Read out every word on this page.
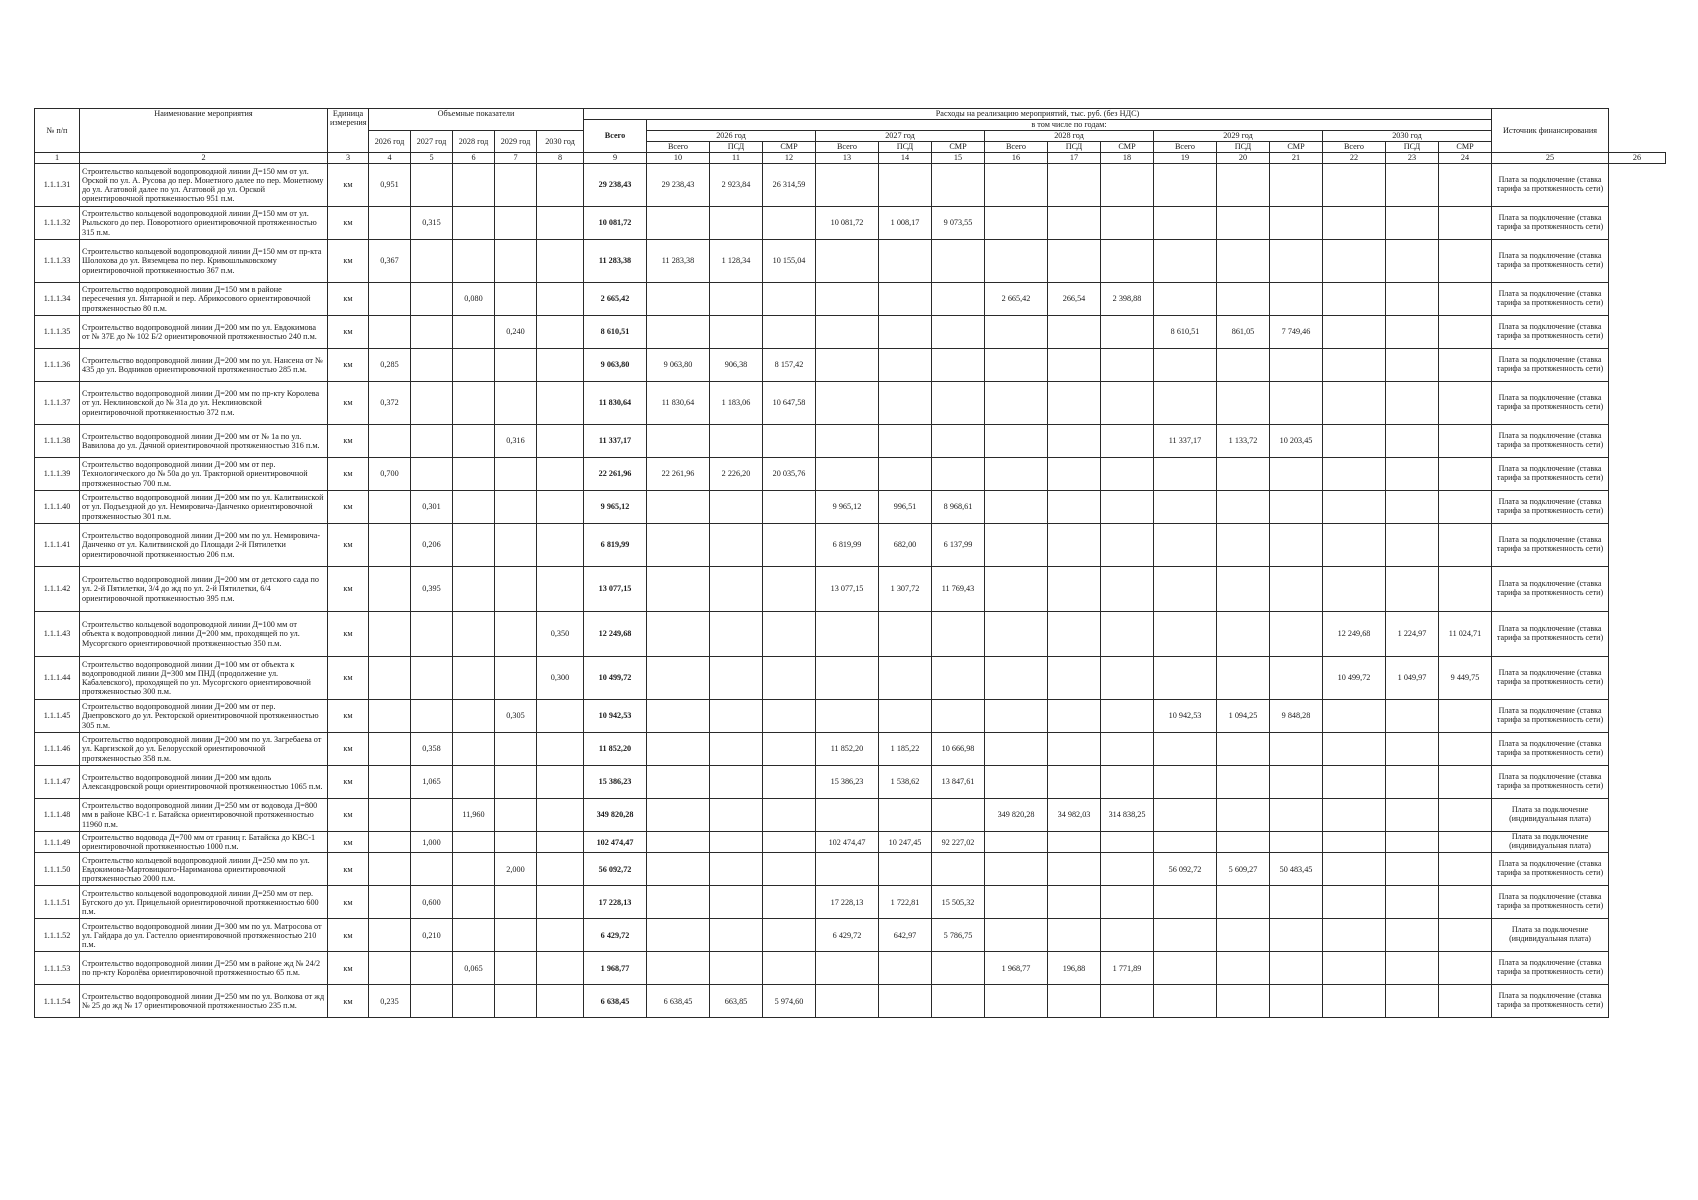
№ п/п	Наименование мероприятия	Единица измерения	Объемные показатели					Расходы на реализацию мероприятий, тыс. руб. (без НДС)																Источник финансирования	
								Всего	в том числе по годам:																
			2026 год	2027 год	2028 год	2029 год	2030 год		2026 год			2027 год			2028 год			2029 год			2030 год				
									Всего	ПСД	СМР	Всего	ПСД	СМР	Всего	ПСД	СМР	Всего	ПСД	СМР	Всего	ПСД	СМР		
1	2	3	4	5	6	7	8	9	10	11	12	13	14	15	16	17	18	19	20	21	22	23	24	25	26
1.1.1.31	Строительство кольцевой водопроводной линии Д=150 мм от ул. Орской по ул. А. Русова до пер. Монетного далее по пер. Монетному до ул. Агатовой далее по ул. Агатовой до ул. Орской ориентировочной протяженностью 951 п.м.	км	0,951					29 238,43	29 238,43	2 923,84	26 314,59													Плата за подключение (ставка тарифа за протяженность сети)	
1.1.1.32	Строительство кольцевой водопроводной линии Д=150 мм от ул. Рыльского до пер. Поворотного ориентировочной протяженностью 315 п.м.	км		0,315				10 081,72				10 081,72	1 008,17	9 073,55										Плата за подключение (ставка тарифа за протяженность сети)	
1.1.1.33	Строительство кольцевой водопроводной линии Д=150 мм от пр-кта Шолохова до ул. Вяземцева по пер. Кривошлыковскому ориентировочной протяженностью 367 п.м.	км	0,367					11 283,38	11 283,38	1 128,34	10 155,04													Плата за подключение (ставка тарифа за протяженность сети)	
1.1.1.34	Строительство водопроводной линии Д=150 мм в районе пересечения ул. Янтарной и пер. Абрикосового ориентировочной протяженностью 80 п.м.	км			0,080			2 665,42							2 665,42	266,54	2 398,88							Плата за подключение (ставка тарифа за протяженность сети)	
1.1.1.35	Строительство водопроводной линии Д=200 мм по ул. Евдокимова от № 37Е до № 102 Б/2 ориентировочной протяженностью 240 п.м.	км				0,240		8 610,51										8 610,51	861,05	7 749,46				Плата за подключение (ставка тарифа за протяженность сети)	
1.1.1.36	Строительство водопроводной линии Д=200 мм по ул. Нансена от № 435 до ул. Водников ориентировочной протяженностью 285 п.м.	км	0,285					9 063,80	9 063,80	906,38	8 157,42													Плата за подключение (ставка тарифа за протяженность сети)	
1.1.1.37	Строительство водопроводной линии Д=200 мм по пр-кту Королева от ул. Неклиновской до № 31а до ул. Неклиновской ориентировочной протяженностью 372 п.м.	км	0,372					11 830,64	11 830,64	1 183,06	10 647,58													Плата за подключение (ставка тарифа за протяженность сети)	
1.1.1.38	Строительство водопроводной линии Д=200 мм от № 1а по ул. Вавилова до ул. Дачной ориентировочной протяженностью 316 п.м.	км				0,316		11 337,17										11 337,17	1 133,72	10 203,45				Плата за подключение (ставка тарифа за протяженность сети)	
1.1.1.39	Строительство водопроводной линии Д=200 мм от пер. Технологического до № 50а до ул. Тракторной ориентировочной протяженностью 700 п.м.	км	0,700					22 261,96	22 261,96	2 226,20	20 035,76													Плата за подключение (ставка тарифа за протяженность сети)	
1.1.1.40	Строительство водопроводной линии Д=200 мм по ул. Калитвинской от ул. Подъездной до ул. Немировича-Данченко ориентировочной протяженностью 301 п.м.	км		0,301				9 965,12				9 965,12	996,51	8 968,61										Плата за подключение (ставка тарифа за протяженность сети)	
1.1.1.41	Строительство водопроводной линии Д=200 мм по ул. Немировича-Данченко от ул. Калитвинской до Площади 2-й Пятилетки ориентировочной протяженностью 206 п.м.	км		0,206				6 819,99				6 819,99	682,00	6 137,99										Плата за подключение (ставка тарифа за протяженность сети)	
1.1.1.42	Строительство водопроводной линии Д=200 мм от детского сада по ул. 2-й Пятилетки, 3/4 до жд по ул. 2-й Пятилетки, 6/4 ориентировочной протяженностью 395 п.м.	км		0,395				13 077,15				13 077,15	1 307,72	11 769,43										Плата за подключение (ставка тарифа за протяженность сети)	
1.1.1.43	Строительство кольцевой водопроводной линии Д=100 мм от объекта к водопроводной линии Д=200 мм, проходящей по ул. Мусоргского ориентировочной протяженностью 350 п.м.	км					0,350	12 249,68													12 249,68	1 224,97	11 024,71	Плата за подключение (ставка тарифа за протяженность сети)	
1.1.1.44	Строительство водопроводной линии Д=100 мм от объекта к водопроводной линии Д=300 мм ПНД (продолжение ул. Кабалевского), проходящей по ул. Мусоргского ориентировочной протяженностью 300 п.м.	км					0,300	10 499,72													10 499,72	1 049,97	9 449,75	Плата за подключение (ставка тарифа за протяженность сети)	
1.1.1.45	Строительство водопроводной линии Д=200 мм от пер. Днепровского до ул. Ректорской ориентировочной протяженностью 305 п.м.	км				0,305		10 942,53										10 942,53	1 094,25	9 848,28				Плата за подключение (ставка тарифа за протяженность сети)	
1.1.1.46	Строительство водопроводной линии Д=200 мм по ул. Загребаева от ул. Каргизской до ул. Белорусской ориентировочной протяженностью 358 п.м.	км		0,358				11 852,20				11 852,20	1 185,22	10 666,98										Плата за подключение (ставка тарифа за протяженность сети)	
1.1.1.47	Строительство водопроводной линии Д=200 мм вдоль Александровской рощи ориентировочной протяженностью 1065 п.м.	км		1,065				15 386,23				15 386,23	1 538,62	13 847,61										Плата за подключение (ставка тарифа за протяженность сети)	
1.1.1.48	Строительство водопроводной линии Д=250 мм от водовода Д=800 мм в районе КВС-1 г. Батайска ориентировочной протяженностью 11960 п.м.	км			11,960			349 820,28							349 820,28	34 982,03	314 838,25							Плата за подключение (индивидуальная плата)	
1.1.1.49	Строительство водовода Д=700 мм от границ г. Батайска до КВС-1 ориентировочной протяженностью 1000 п.м.	км		1,000				102 474,47				102 474,47	10 247,45	92 227,02										Плата за подключение (индивидуальная плата)	
1.1.1.50	Строительство кольцевой водопроводной линии Д=250 мм по ул. Евдокимова-Мартовицкого-Нариманова ориентировочной протяженностью 2000 п.м.	км				2,000		56 092,72										56 092,72	5 609,27	50 483,45				Плата за подключение (ставка тарифа за протяженность сети)	
1.1.1.51	Строительство кольцевой водопроводной линии Д=250 мм от пер. Бугского до ул. Прицельной ориентировочной протяженностью 600 п.м.	км		0,600				17 228,13				17 228,13	1 722,81	15 505,32										Плата за подключение (ставка тарифа за протяженность сети)	
1.1.1.52	Строительство водопроводной линии Д=300 мм по ул. Матросова от ул. Гайдара до ул. Гастелло ориентировочной протяженностью 210 п.м.	км		0,210				6 429,72				6 429,72	642,97	5 786,75										Плата за подключение (индивидуальная плата)	
1.1.1.53	Строительство водопроводной линии Д=250 мм в районе жд № 24/2 по пр-кту Королёва ориентировочной протяженностью 65 п.м.	км			0,065			1 968,77							1 968,77	196,88	1 771,89							Плата за подключение (ставка тарифа за протяженность сети)	
1.1.1.54	Строительство водопроводной линии Д=250 мм по ул. Волкова от жд № 25 до жд № 17 ориентировочной протяженностью 235 п.м.	км	0,235					6 638,45	6 638,45	663,85	5 974,60													Плата за подключение (ставка тарифа за протяженность сети)	
